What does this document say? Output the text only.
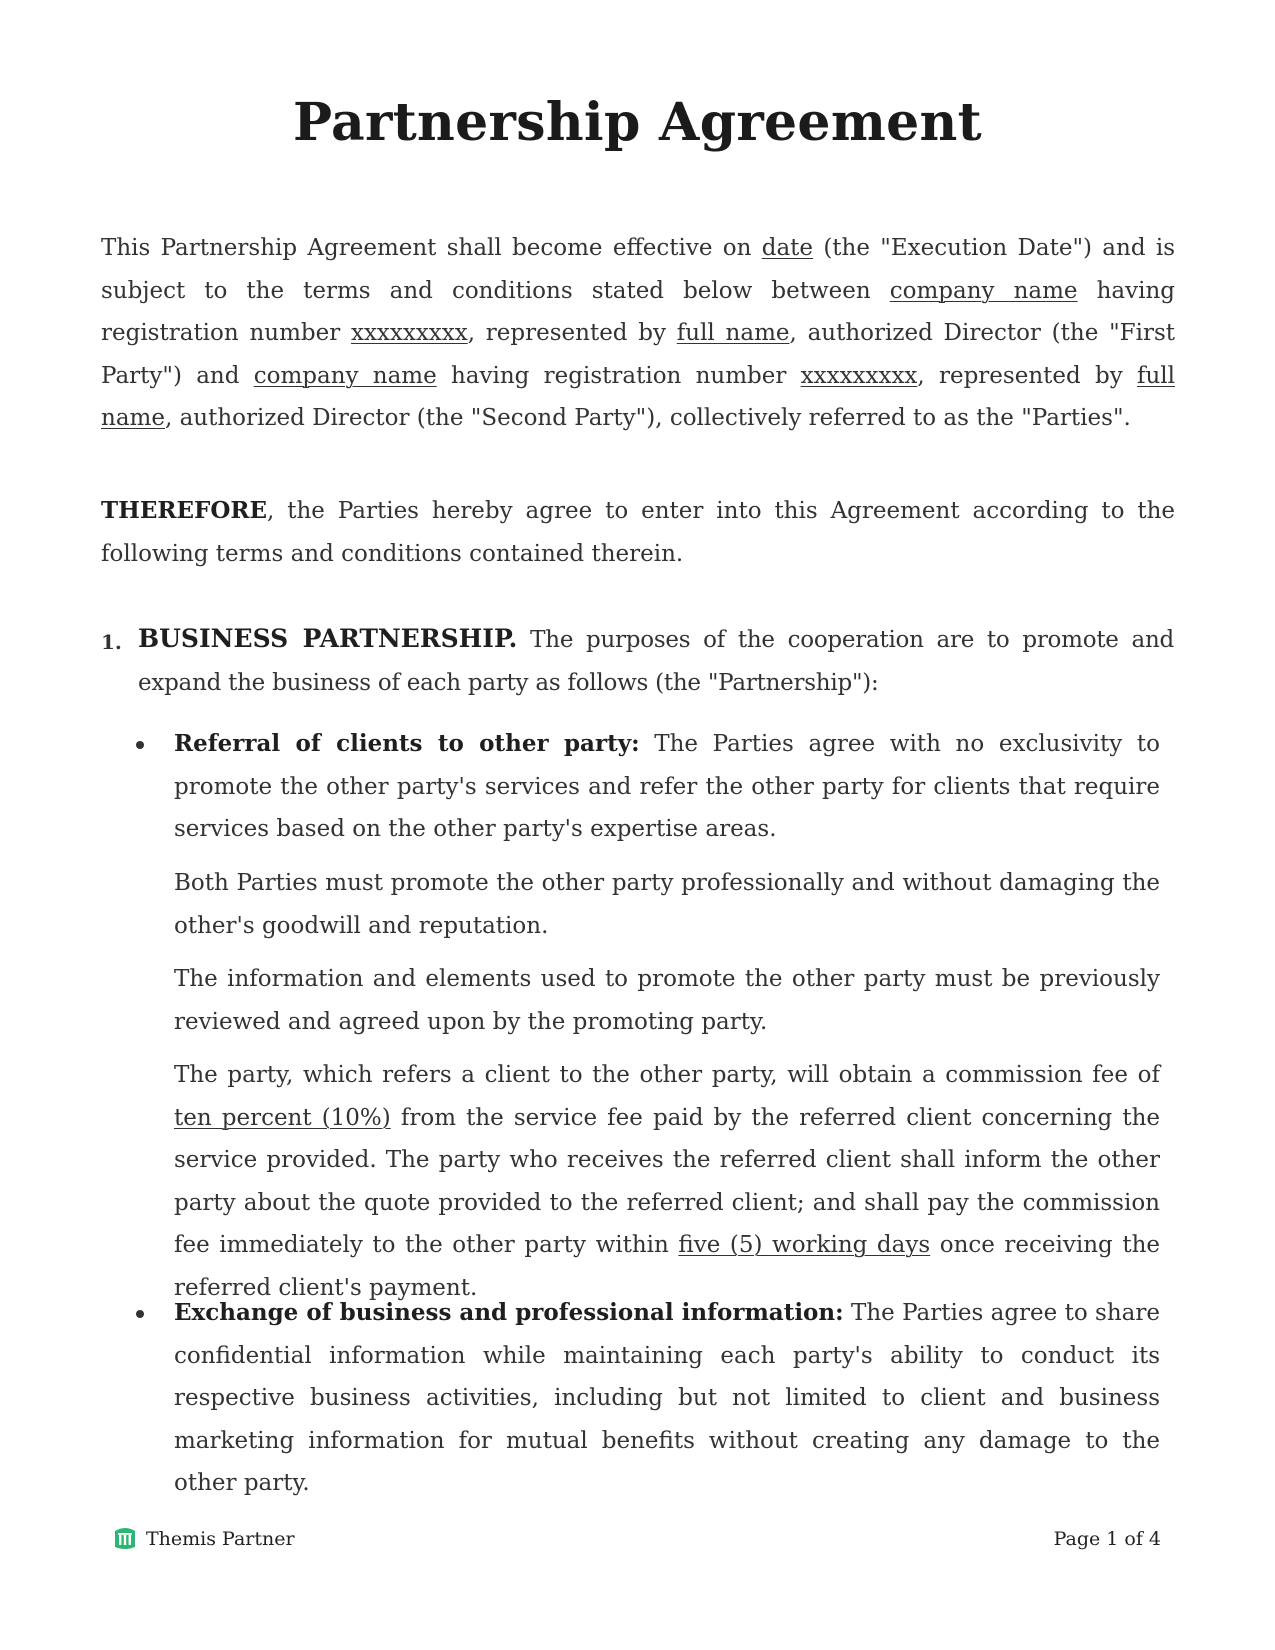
Partnership Agreement

This Partnership Agreement shall become effective on date (the "Execution Date") and is subject to the terms and conditions stated below between company name having registration number xxxxxxxxx, represented by full name, authorized Director (the "First Party") and company name having registration number xxxxxxxxx, represented by full name, authorized Director (the "Second Party"), collectively referred to as the "Parties".

THEREFORE, the Parties hereby agree to enter into this Agreement according to the following terms and conditions contained therein.

1. BUSINESS PARTNERSHIP. The purposes of the cooperation are to promote and expand the business of each party as follows (the "Partnership"):

Referral of clients to other party: The Parties agree with no exclusivity to promote the other party's services and refer the other party for clients that require services based on the other party's expertise areas.

Both Parties must promote the other party professionally and without damaging the other's goodwill and reputation.

The information and elements used to promote the other party must be previously reviewed and agreed upon by the promoting party.

The party, which refers a client to the other party, will obtain a commission fee of ten percent (10%) from the service fee paid by the referred client concerning the service provided. The party who receives the referred client shall inform the other party about the quote provided to the referred client; and shall pay the commission fee immediately to the other party within five (5) working days once receiving the referred client's payment.

Exchange of business and professional information: The Parties agree to share confidential information while maintaining each party's ability to conduct its respective business activities, including but not limited to client and business marketing information for mutual benefits without creating any damage to the other party.

Themis Partner	Page 1 of 4
